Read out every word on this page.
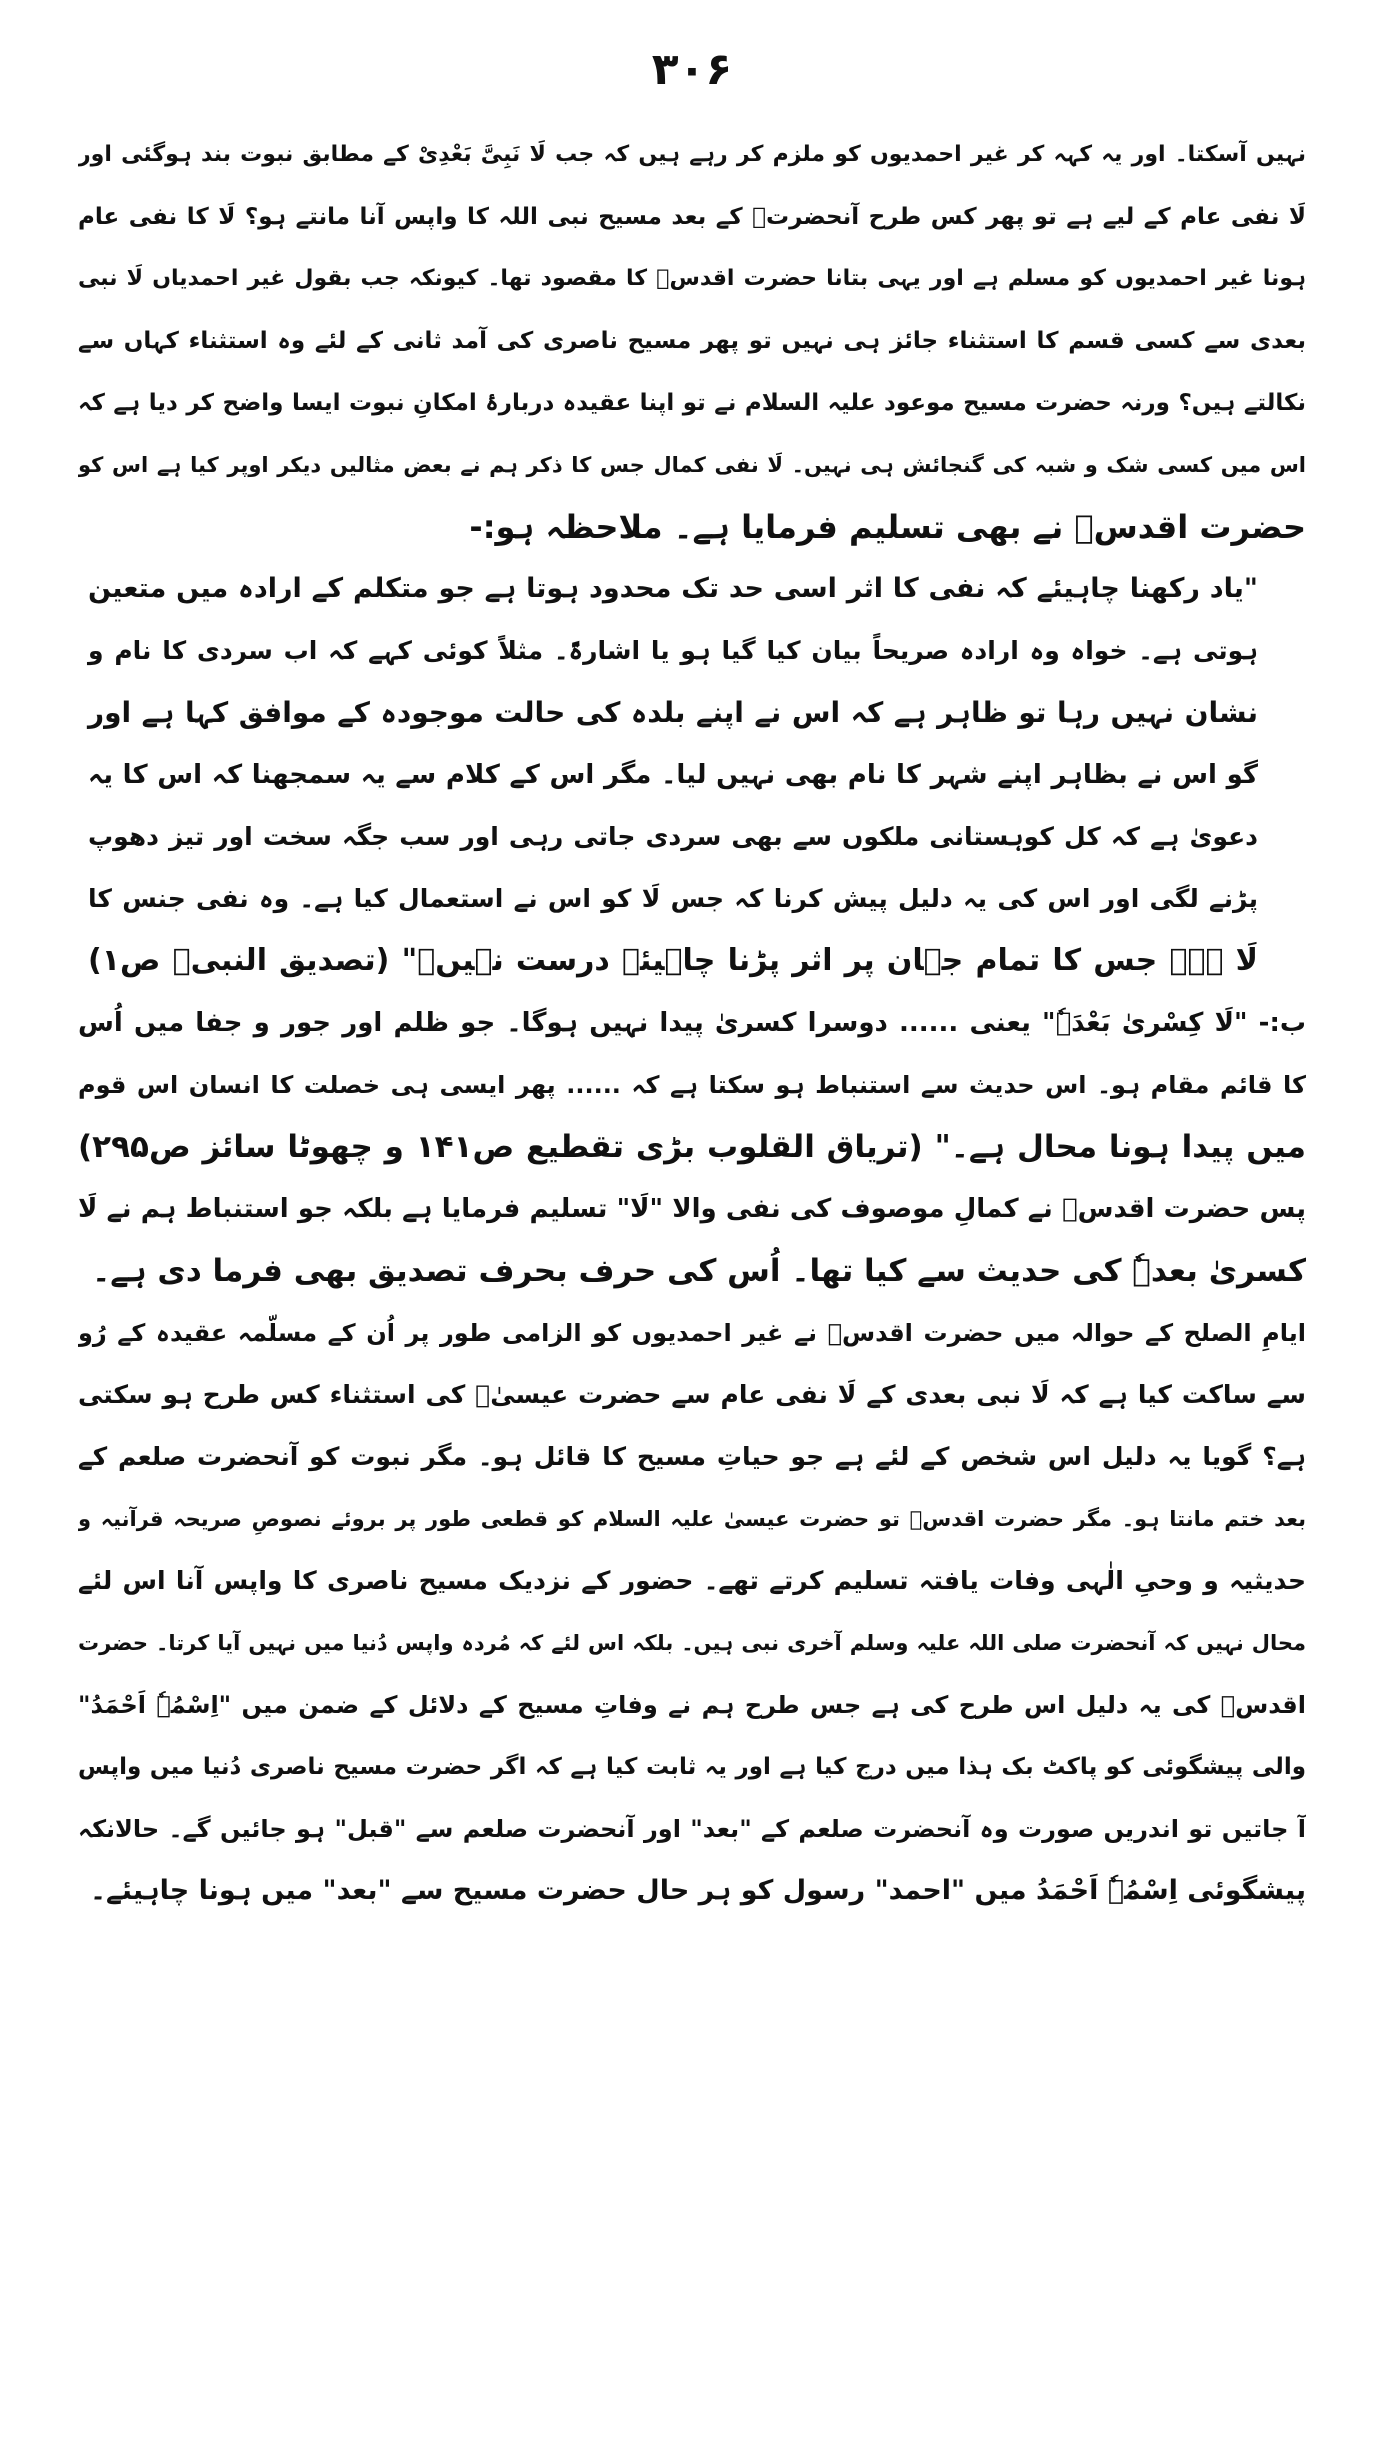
۳۰۶
نہیں آسکتا۔ اور یہ کہہ کر غیر احمدیوں کو ملزم کر رہے ہیں کہ جب لَا نَبِیَّ بَعْدِیْ کے مطابق نبوت بند ہوگئی اور
لَا نفی عام کے لیے ہے تو پھر کس طرح آنحضرتؐ کے بعد مسیح نبی اللہ کا واپس آنا مانتے ہو؟ لَا کا نفی عام
ہونا غیر احمدیوں کو مسلم ہے اور یہی بتانا حضرت اقدسؑ کا مقصود تھا۔ کیونکہ جب بقول غیر احمدیاں لَا نبی
بعدی سے کسی قسم کا استثناء جائز ہی نہیں تو پھر مسیح ناصری کی آمد ثانی کے لئے وہ استثناء کہاں سے
نکالتے ہیں؟ ورنہ حضرت مسیح موعود علیہ السلام نے تو اپنا عقیدہ دربارۂ امکانِ نبوت ایسا واضح کر دیا ہے کہ
اس میں کسی شک و شبہ کی گنجائش ہی نہیں۔ لَا نفی کمال جس کا ذکر ہم نے بعض مثالیں دیکر اوپر کیا ہے اس کو
حضرت اقدسؑ نے بھی تسلیم فرمایا ہے۔ ملاحظہ ہو:-
"یاد رکھنا چاہیئے کہ نفی کا اثر اسی حد تک محدود ہوتا ہے جو متکلم کے ارادہ میں متعین
ہوتی ہے۔ خواہ وہ ارادہ صریحاً بیان کیا گیا ہو یا اشارۃً۔ مثلاً کوئی کہے کہ اب سردی کا نام و
نشان نہیں رہا تو ظاہر ہے کہ اس نے اپنے بلدہ کی حالت موجودہ کے موافق کہا ہے اور
گو اس نے بظاہر اپنے شہر کا نام بھی نہیں لیا۔ مگر اس کے کلام سے یہ سمجھنا کہ اس کا یہ
دعویٰ ہے کہ کل کوہستانی ملکوں سے بھی سردی جاتی رہی اور سب جگہ سخت اور تیز دھوپ
پڑنے لگی اور اس کی یہ دلیل پیش کرنا کہ جس لَا کو اس نے استعمال کیا ہے۔ وہ نفی جنس کا
لَا ہے۔ جس کا تمام جہان پر اثر پڑنا چاہیئے درست نہیں۔" (تصدیق النبیؐ ص۱)
ب:- "لَا کِسْریٰ بَعْدَہٗ" یعنی ...... دوسرا کسریٰ پیدا نہیں ہوگا۔ جو ظلم اور جور و جفا میں اُس
کا قائم مقام ہو۔ اس حدیث سے استنباط ہو سکتا ہے کہ ...... پھر ایسی ہی خصلت کا انسان اس قوم
میں پیدا ہونا محال ہے۔" (تریاق القلوب بڑی تقطیع ص۱۴۱ و چھوٹا سائز ص۲۹۵)
پس حضرت اقدسؑ نے کمالِ موصوف کی نفی والا "لَا" تسلیم فرمایا ہے بلکہ جو استنباط ہم نے لَا
کسریٰ بعدہٗ کی حدیث سے کیا تھا۔ اُس کی حرف بحرف تصدیق بھی فرما دی ہے۔
ایامِ الصلح کے حوالہ میں حضرت اقدسؑ نے غیر احمدیوں کو الزامی طور پر اُن کے مسلّمہ عقیدہ کے رُو
سے ساکت کیا ہے کہ لَا نبی بعدی کے لَا نفی عام سے حضرت عیسیٰؑ کی استثناء کس طرح ہو سکتی
ہے؟ گویا یہ دلیل اس شخص کے لئے ہے جو حیاتِ مسیح کا قائل ہو۔ مگر نبوت کو آنحضرت صلعم کے
بعد ختم مانتا ہو۔ مگر حضرت اقدسؑ تو حضرت عیسیٰ علیہ السلام کو قطعی طور پر بروئے نصوصِ صریحہ قرآنیہ و
حدیثیہ و وحیِ الٰہی وفات یافتہ تسلیم کرتے تھے۔ حضور کے نزدیک مسیح ناصری کا واپس آنا اس لئے
محال نہیں کہ آنحضرت صلی اللہ علیہ وسلم آخری نبی ہیں۔ بلکہ اس لئے کہ مُردہ واپس دُنیا میں نہیں آیا کرتا۔ حضرت
اقدسؑ کی یہ دلیل اس طرح کی ہے جس طرح ہم نے وفاتِ مسیح کے دلائل کے ضمن میں "اِسْمُہٗ اَحْمَدُ"
والی پیشگوئی کو پاکٹ بک ہذا میں درج کیا ہے اور یہ ثابت کیا ہے کہ اگر حضرت مسیح ناصری دُنیا میں واپس
آ جاتیں تو اندریں صورت وہ آنحضرت صلعم کے "بعد" اور آنحضرت صلعم سے "قبل" ہو جائیں گے۔ حالانکہ
پیشگوئی اِسْمُہٗ اَحْمَدُ میں "احمد" رسول کو ہر حال حضرت مسیح سے "بعد" میں ہونا چاہیئے۔
